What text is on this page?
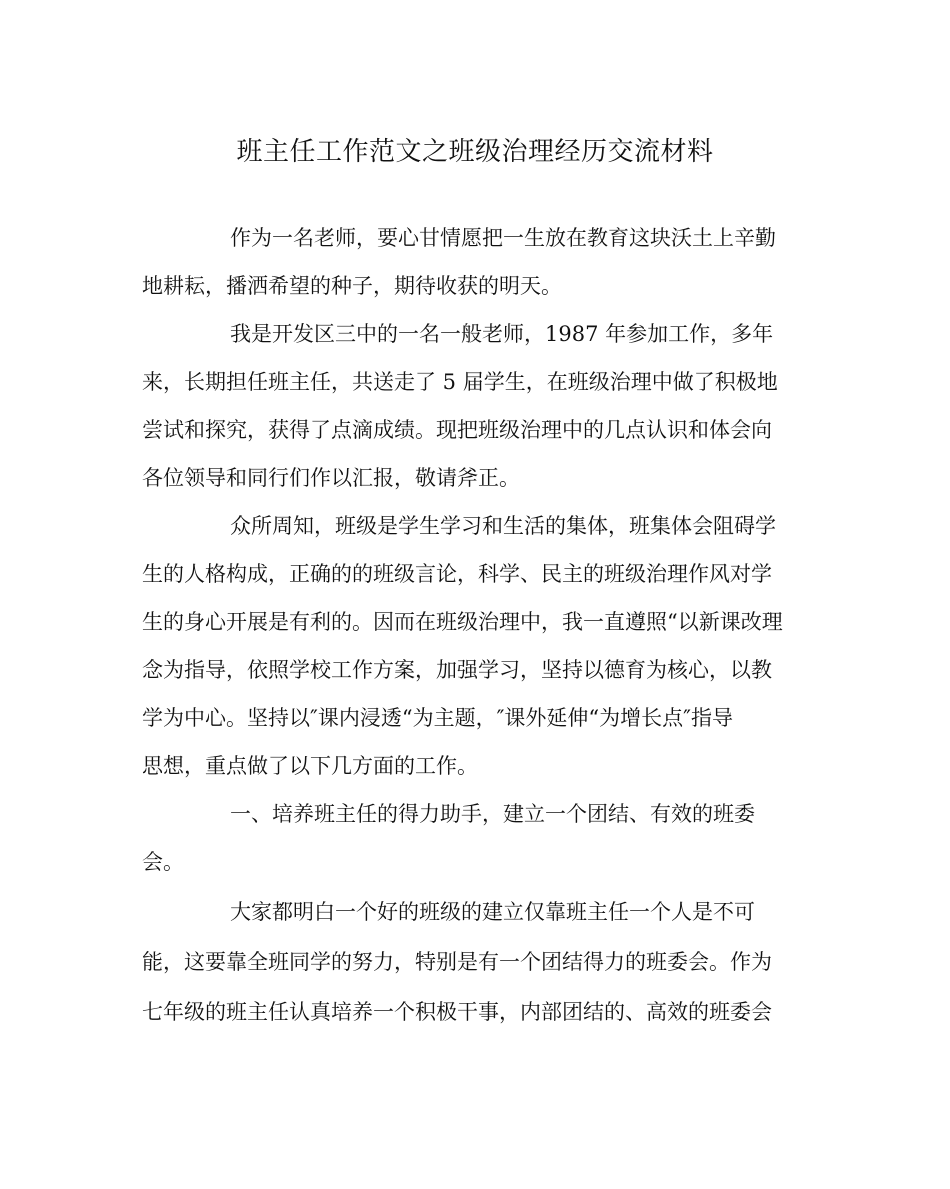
班主任工作范文之班级治理经历交流材料
作为一名老师，要心甘情愿把一生放在教育这块沃土上辛勤
地耕耘，播洒希望的种子，期待收获的明天。
我是开发区三中的一名一般老师，1987 年参加工作，多年
来，长期担任班主任，共送走了 5 届学生，在班级治理中做了积极地
尝试和探究，获得了点滴成绩。现把班级治理中的几点认识和体会向
各位领导和同行们作以汇报，敬请斧正。
众所周知，班级是学生学习和生活的集体，班集体会阻碍学
生的人格构成，正确的的班级言论，科学、民主的班级治理作风对学
生的身心开展是有利的。因而在班级治理中，我一直遵照“以新课改理
念为指导，依照学校工作方案，加强学习，坚持以德育为核心，以教
学为中心。坚持以″课内浸透“为主题，″课外延伸“为增长点″指导
思想，重点做了以下几方面的工作。
一、培养班主任的得力助手，建立一个团结、有效的班委
会。
大家都明白一个好的班级的建立仅靠班主任一个人是不可
能，这要靠全班同学的努力，特别是有一个团结得力的班委会。作为
七年级的班主任认真培养一个积极干事，内部团结的、高效的班委会
